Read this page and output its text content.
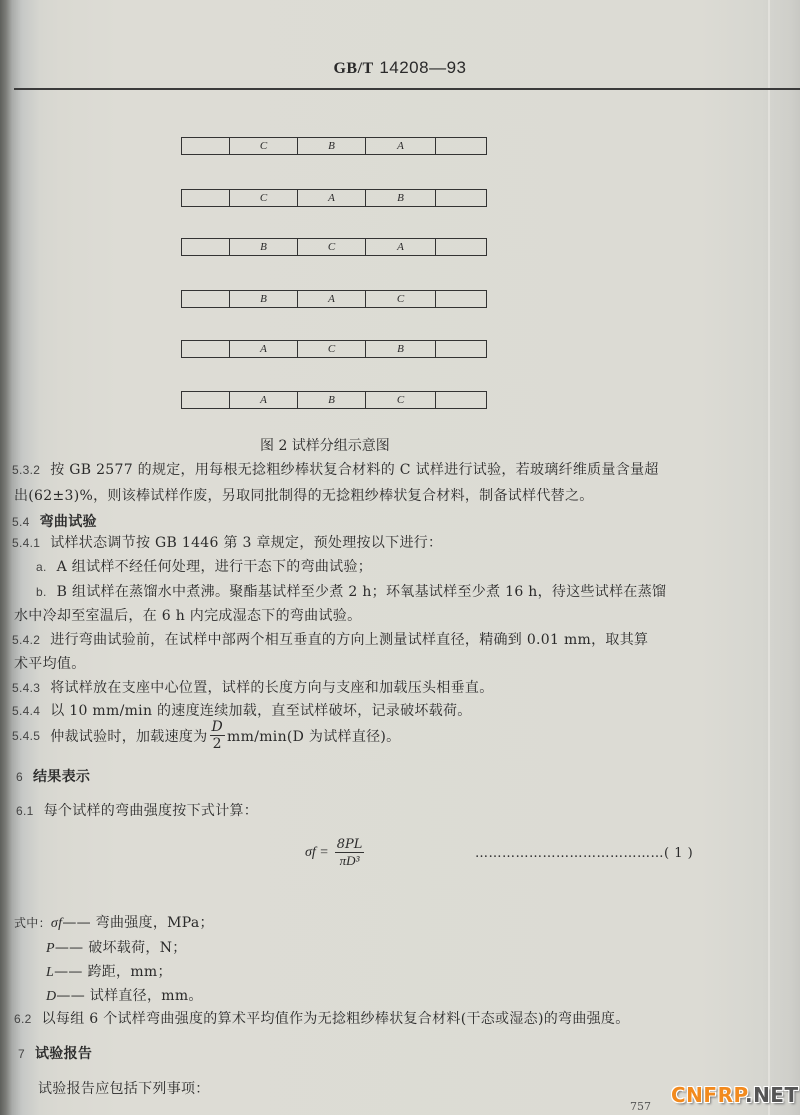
GB/T 14208—93
C	B	A
C	A	B
B	C	A
B	A	C
A	C	B
A	B	C
图 2 试样分组示意图
5.3.2 按 GB 2577 的规定，用每根无捻粗纱棒状复合材料的 C 试样进行试验，若玻璃纤维质量含量超
出(62±3)%，则该棒试样作废，另取同批制得的无捻粗纱棒状复合材料，制备试样代替之。
5.4 弯曲试验
5.4.1 试样状态调节按 GB 1446 第 3 章规定，预处理按以下进行：
a. A 组试样不经任何处理，进行干态下的弯曲试验；
b. B 组试样在蒸馏水中煮沸。聚酯基试样至少煮 2 h；环氧基试样至少煮 16 h，待这些试样在蒸馏
水中冷却至室温后，在 6 h 内完成湿态下的弯曲试验。
5.4.2 进行弯曲试验前，在试样中部两个相互垂直的方向上测量试样直径，精确到 0.01 mm，取其算
术平均值。
5.4.3 将试样放在支座中心位置，试样的长度方向与支座和加载压头相垂直。
5.4.4 以 10 mm/min 的速度连续加载，直至试样破坏，记录破坏载荷。
5.4.5 仲裁试验时，加载速度为 $\frac{D}{2} mm/\min(D$ 为试样直径)。
6 结果表示
6.1 每个试样的弯曲强度按下式计算：
$\sigma f = \frac{8PL}{\text{πD³}}$	……………………………………( 1 )
式中：σf—— 弯曲强度，MPa；
P—— 破坏载荷，N；
L—— 跨距，mm；
D—— 试样直径，mm。
6.2 以每组 6 个试样弯曲强度的算术平均值作为无捻粗纱棒状复合材料(干态或湿态)的弯曲强度。
7 试验报告
试验报告应包括下列事项：
757 CNFRP.NET
